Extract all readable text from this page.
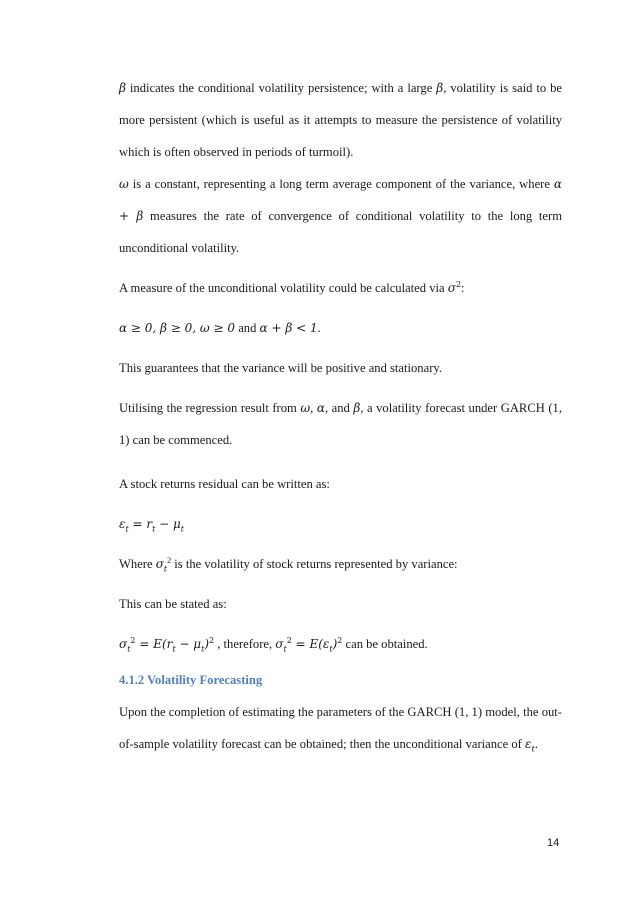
β indicates the conditional volatility persistence; with a large β, volatility is said to be more persistent (which is useful as it attempts to measure the persistence of volatility which is often observed in periods of turmoil).

ω is a constant, representing a long term average component of the variance, where α + β measures the rate of convergence of conditional volatility to the long term unconditional volatility.

A measure of the unconditional volatility could be calculated via $\sigma^2$:

α ≥ 0, β ≥ 0, ω ≥ 0 and α + β < 1.

This guarantees that the variance will be positive and stationary.

Utilising the regression result from ω, α, and β, a volatility forecast under GARCH (1, 1) can be commenced.

A stock returns residual can be written as:

$\varepsilon_t = r_t - \mu_t$

Where $\sigma_t^2$ is the volatility of stock returns represented by variance:

This can be stated as:

$\sigma_t^2 = E(r_t - \mu_t)^2$ , therefore, $\sigma_t^2 = E(\varepsilon_t)^2$ can be obtained.

4.1.2 Volatility Forecasting

Upon the completion of estimating the parameters of the GARCH (1, 1) model, the out-of-sample volatility forecast can be obtained; then the unconditional variance of $\varepsilon_t$.

14
